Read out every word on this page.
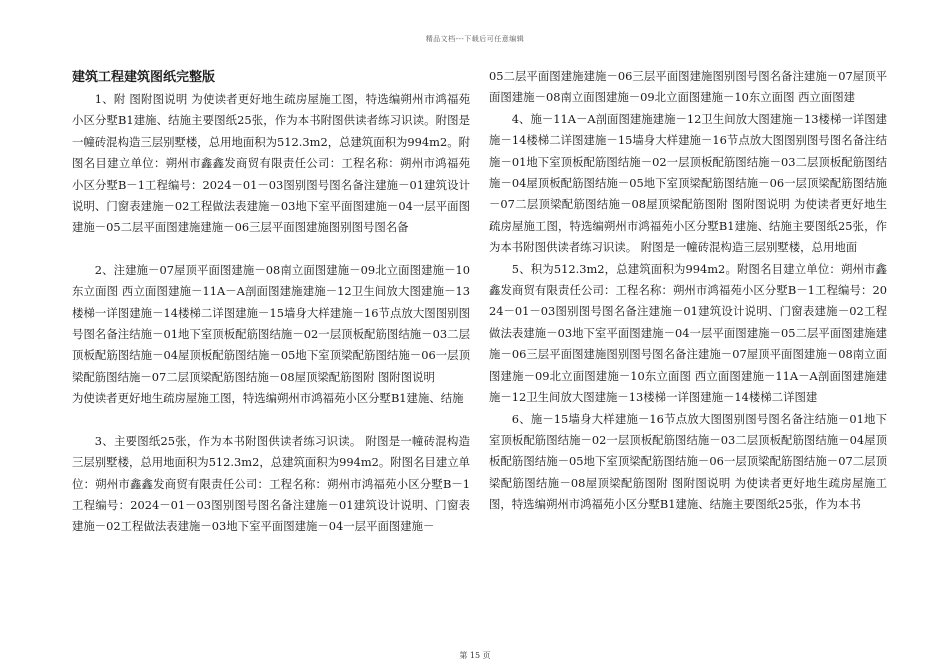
精品文档---下载后可任意编辑
建筑工程建筑图纸完整版

1、附 图附图说明 为使读者更好地生疏房屋施工图，特选编朔州市鸿福苑小区分墅B1建施、结施主要图纸25张，作为本书附图供读者练习识读。附图是一幢砖混构造三层别墅楼，总用地面积为512.3m2，总建筑面积为994m2。附图名目建立单位：朔州市鑫鑫发商贸有限责任公司：工程名称：朔州市鸿福苑小区分墅B－1工程编号：2024－01－03图别图号图名备注建施－01建筑设计说明、门窗表建施－02工程做法表建施－03地下室平面图建施－04一层平面图建施－05二层平面图建施建施－06三层平面图建施图别图号图名备

2、注建施－07屋顶平面图建施－08南立面图建施－09北立面图建施－10东立面图 西立面图建施－11A－A剖面图建施建施－12卫生间放大图建施－13楼梯一详图建施－14楼梯二详图建施－15墙身大样建施－16节点放大图图别图号图名备注结施－01地下室顶板配筋图结施－02一层顶板配筋图结施－03二层顶板配筋图结施－04屋顶板配筋图结施－05地下室顶梁配筋图结施－06一层顶梁配筋图结施－07二层顶梁配筋图结施－08屋顶梁配筋图附 图附图说明

为使读者更好地生疏房屋施工图，特选编朔州市鸿福苑小区分墅B1建施、结施

3、主要图纸25张，作为本书附图供读者练习识读。 附图是一幢砖混构造三层别墅楼，总用地面积为512.3m2，总建筑面积为994m2。附图名目建立单位：朔州市鑫鑫发商贸有限责任公司：工程名称：朔州市鸿福苑小区分墅B－1工程编号：2024－01－03图别图号图名备注建施－01建筑设计说明、门窗表建施－02工程做法表建施－03地下室平面图建施－04一层平面图建施－

05二层平面图建施建施－06三层平面图建施图别图号图名备注建施－07屋顶平面图建施－08南立面图建施－09北立面图建施－10东立面图 西立面图建

4、施－11A－A剖面图建施建施－12卫生间放大图建施－13楼梯一详图建施－14楼梯二详图建施－15墙身大样建施－16节点放大图图别图号图名备注结施－01地下室顶板配筋图结施－02一层顶板配筋图结施－03二层顶板配筋图结施－04屋顶板配筋图结施－05地下室顶梁配筋图结施－06一层顶梁配筋图结施－07二层顶梁配筋图结施－08屋顶梁配筋图附 图附图说明 为使读者更好地生疏房屋施工图，特选编朔州市鸿福苑小区分墅B1建施、结施主要图纸25张，作为本书附图供读者练习识读。 附图是一幢砖混构造三层别墅楼，总用地面

5、积为512.3m2，总建筑面积为994m2。附图名目建立单位：朔州市鑫鑫发商贸有限责任公司：工程名称：朔州市鸿福苑小区分墅B－1工程编号：2024－01－03图别图号图名备注建施－01建筑设计说明、门窗表建施－02工程做法表建施－03地下室平面图建施－04一层平面图建施－05二层平面图建施建施－06三层平面图建施图别图号图名备注建施－07屋顶平面图建施－08南立面图建施－09北立面图建施－10东立面图 西立面图建施－11A－A剖面图建施建施－12卫生间放大图建施－13楼梯一详图建施－14楼梯二详图建

6、施－15墙身大样建施－16节点放大图图别图号图名备注结施－01地下室顶板配筋图结施－02一层顶板配筋图结施－03二层顶板配筋图结施－04屋顶板配筋图结施－05地下室顶梁配筋图结施－06一层顶梁配筋图结施－07二层顶梁配筋图结施－08屋顶梁配筋图附 图附图说明 为使读者更好地生疏房屋施工图，特选编朔州市鸿福苑小区分墅B1建施、结施主要图纸25张，作为本书

第 15 页
